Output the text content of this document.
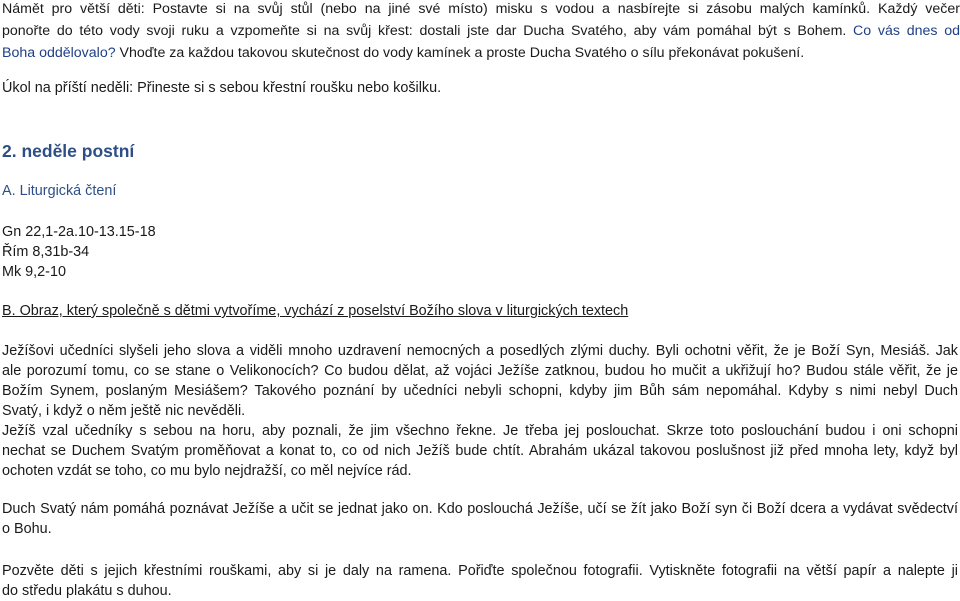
Námět pro větší děti: Postavte si na svůj stůl (nebo na jiné své místo) misku s vodou a nasbírejte si zásobu malých kamínků. Každý večer
ponořte do této vody svoji ruku a vzpomeňte si na svůj křest: dostali jste dar Ducha Svatého, aby vám pomáhal být s Bohem. Co vás dnes od
Boha oddělovalo? Vhoďte za každou takovou skutečnost do vody kamínek a proste Ducha Svatého o sílu překonávat pokušení.

Úkol na příští neděli: Přineste si s sebou křestní roušku nebo košilku.

2. neděle postní

A. Liturgická čtení

Gn 22,1-2a.10-13.15-18
Řím 8,31b-34
Mk 9,2-10

B. Obraz, který společně s dětmi vytvoříme, vychází z poselství Božího slova v liturgických textech

Ježíšovi učedníci slyšeli jeho slova a viděli mnoho uzdravení nemocných a posedlých zlými duchy. Byli ochotni věřit, že je Boží Syn, Mesiáš. Jak
ale porozumí tomu, co se stane o Velikonocích? Co budou dělat, až vojáci Ježíše zatknou, budou ho mučit a ukřižují ho? Budou stále věřit, že je
Božím Synem, poslaným Mesiášem? Takového poznání by učedníci nebyli schopni, kdyby jim Bůh sám nepomáhal. Kdyby s nimi nebyl Duch
Svatý, i když o něm ještě nic nevěděli.
Ježíš vzal učedníky s sebou na horu, aby poznali, že jim všechno řekne. Je třeba jej poslouchat. Skrze toto poslouchání budou i oni schopni
nechat se Duchem Svatým proměňovat a konat to, co od nich Ježíš bude chtít. Abrahám ukázal takovou poslušnost již před mnoha lety, když byl
ochoten vzdát se toho, co mu bylo nejdražší, co měl nejvíce rád.
Duch Svatý nám pomáhá poznávat Ježíše a učit se jednat jako on. Kdo poslouchá Ježíše, učí se žít jako Boží syn či Boží dcera a vydávat svědectví
o Bohu.
Pozvěte děti s jejich křestními rouškami, aby si je daly na ramena. Pořiďte společnou fotografii. Vytiskněte fotografii na větší papír a nalepte ji
do středu plakátu s duhou.
